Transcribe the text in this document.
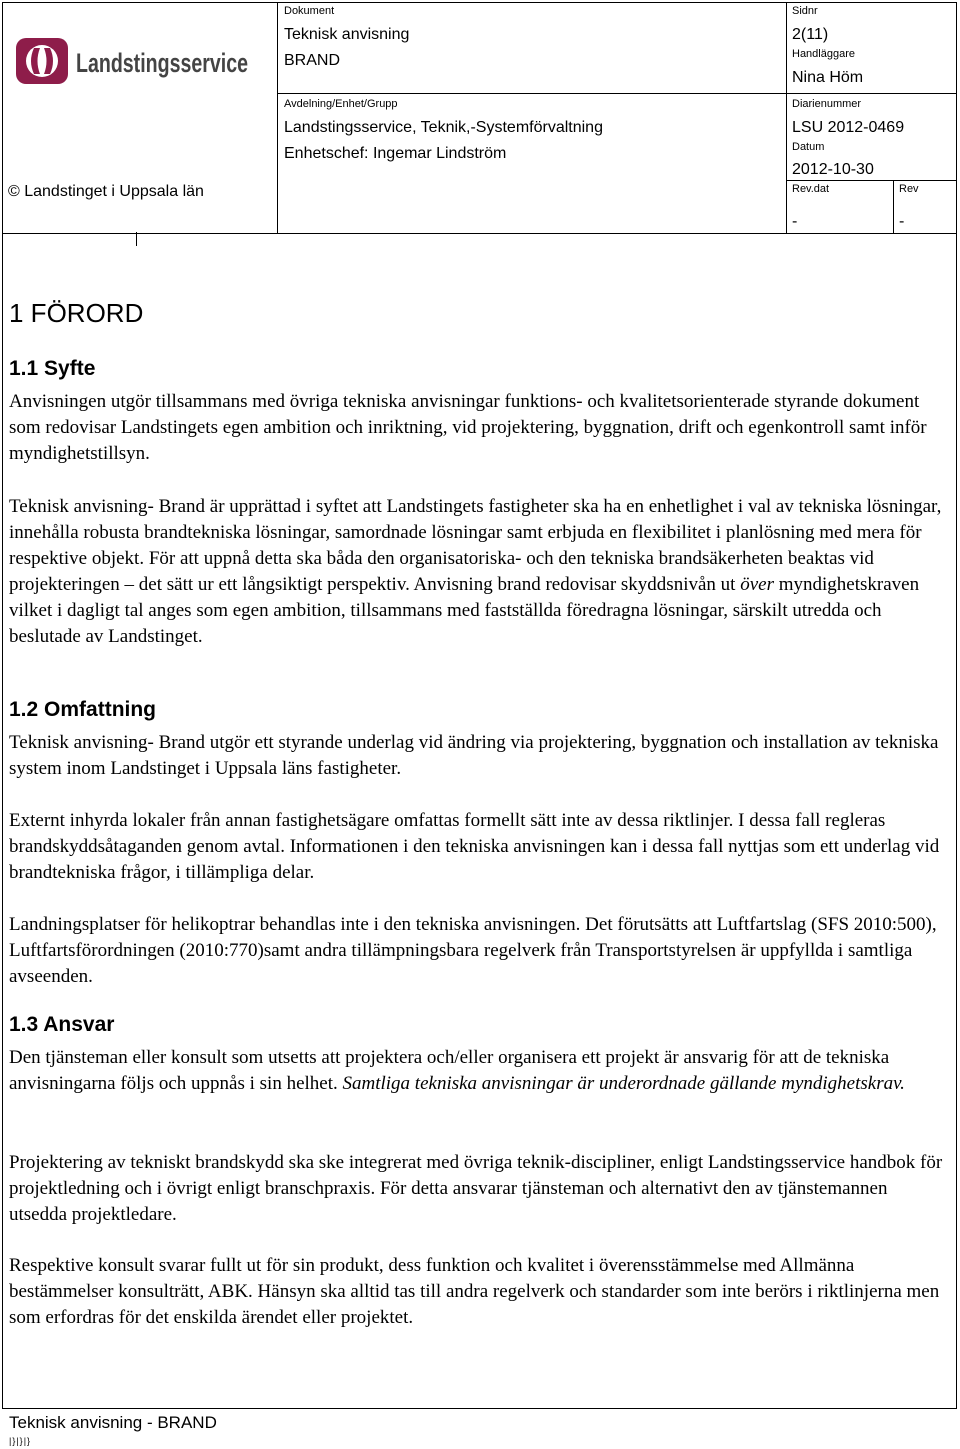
Landstingsservice
© Landstinget i Uppsala län
Dokument
Teknisk anvisning
BRAND
Avdelning/Enhet/Grupp
Landstingsservice, Teknik,-Systemförvaltning
Enhetschef: Ingemar Lindström
Sidnr
2(11)
Handläggare
Nina Höm
Diarienummer
LSU 2012-0469
Datum
2012-10-30
Rev.dat
-
Rev
-
1 FÖRORD
1.1 Syfte

Anvisningen utgör tillsammans med övriga tekniska anvisningar funktions- och kvalitetsorienterade styrande dokument som redovisar Landstingets egen ambition och inriktning, vid projektering, byggnation, drift och egenkontroll samt inför myndighetstillsyn.

Teknisk anvisning- Brand är upprättad i syftet att Landstingets fastigheter ska ha en enhetlighet i val av tekniska lösningar, innehålla robusta brandtekniska lösningar, samordnade lösningar samt erbjuda en flexibilitet i planlösning med mera för respektive objekt. För att uppnå detta ska båda den organisatoriska- och den tekniska brandsäkerheten beaktas vid projekteringen – det sätt ur ett långsiktigt perspektiv. Anvisning brand redovisar skyddsnivån ut över myndighetskraven vilket i dagligt tal anges som egen ambition, tillsammans med fastställda föredragna lösningar, särskilt utredda och beslutade av Landstinget.

1.2 Omfattning

Teknisk anvisning- Brand utgör ett styrande underlag vid ändring via projektering, byggnation och installation av tekniska system inom Landstinget i Uppsala läns fastigheter.

Externt inhyrda lokaler från annan fastighetsägare omfattas formellt sätt inte av dessa riktlinjer. I dessa fall regleras brandskyddsåtaganden genom avtal. Informationen i den tekniska anvisningen kan i dessa fall nyttjas som ett underlag vid brandtekniska frågor, i tillämpliga delar.

Landningsplatser för helikoptrar behandlas inte i den tekniska anvisningen. Det förutsätts att Luftfartslag (SFS 2010:500), Luftfartsförordningen (2010:770)samt andra tillämpningsbara regelverk från Transportstyrelsen är uppfyllda i samtliga avseenden.

1.3 Ansvar

Den tjänsteman eller konsult som utsetts att projektera och/eller organisera ett projekt är ansvarig för att de tekniska anvisningarna följs och uppnås i sin helhet. Samtliga tekniska anvisningar är underordnade gällande myndighetskrav.

Projektering av tekniskt brandskydd ska ske integrerat med övriga teknik-discipliner, enligt Landstingsservice handbok för projektledning och i övrigt enligt branschpraxis. För detta ansvarar tjänsteman och alternativt den av tjänstemannen utsedda projektledare.

Respektive konsult svarar fullt ut för sin produkt, dess funktion och kvalitet i överensstämmelse med Allmänna bestämmelser konsulträtt, ABK. Hänsyn ska alltid tas till andra regelverk och standarder som inte berörs i riktlinjerna men som erfordras för det enskilda ärendet eller projektet.

Teknisk anvisning - BRAND
|}|}|}
